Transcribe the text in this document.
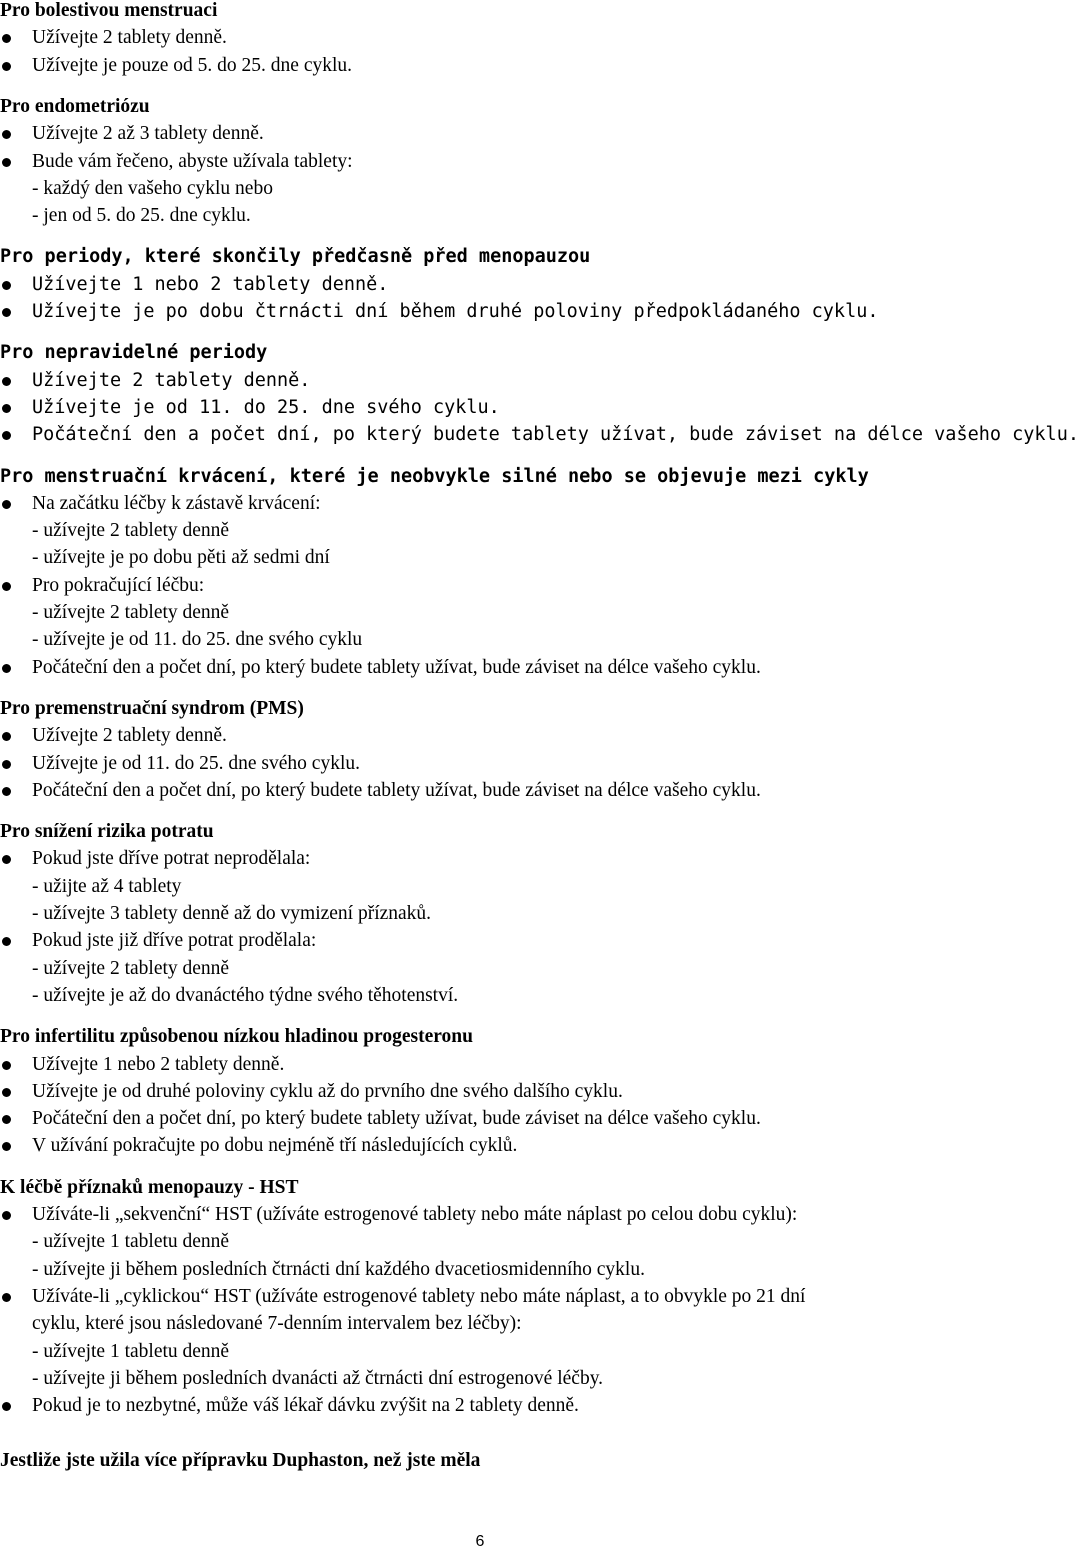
Pro bolestivou menstruaci
Užívejte 2 tablety denně.
Užívejte je pouze od 5. do 25. dne cyklu.
Pro endometriózu
Užívejte 2 až 3 tablety denně.
Bude vám řečeno, abyste užívala tablety:
- každý den vašeho cyklu nebo
- jen od 5. do 25. dne cyklu.
Pro periody, které skončily předčasně před menopauzou
Užívejte 1 nebo 2 tablety denně.
Užívejte je po dobu čtrnácti dní během druhé poloviny předpokládaného cyklu.
Pro nepravidelné periody
Užívejte 2 tablety denně.
Užívejte je od 11. do 25. dne svého cyklu.
Počáteční den a počet dní, po který budete tablety užívat, bude záviset na délce vašeho cyklu.
Pro menstruační krvácení, které je neobvykle silné nebo se objevuje mezi cykly
Na začátku léčby k zástavě krvácení:
- užívejte 2 tablety denně
- užívejte je po dobu pěti až sedmi dní
Pro pokračující léčbu:
- užívejte 2 tablety denně
- užívejte je od 11. do 25. dne svého cyklu
Počáteční den a počet dní, po který budete tablety užívat, bude záviset na délce vašeho cyklu.
Pro premenstruační syndrom (PMS)
Užívejte 2 tablety denně.
Užívejte je od 11. do 25. dne svého cyklu.
Počáteční den a počet dní, po který budete tablety užívat, bude záviset na délce vašeho cyklu.
Pro snížení rizika potratu
Pokud jste dříve potrat neprodělala:
- užijte až 4 tablety
- užívejte 3 tablety denně až do vymizení příznaků.
Pokud jste již dříve potrat prodělala:
- užívejte 2 tablety denně
- užívejte je až do dvanáctého týdne svého těhotenství.
Pro infertilitu způsobenou nízkou hladinou progesteronu
Užívejte 1 nebo 2 tablety denně.
Užívejte je od druhé poloviny cyklu až do prvního dne svého dalšího cyklu.
Počáteční den a počet dní, po který budete tablety užívat, bude záviset na délce vašeho cyklu.
V užívání pokračujte po dobu nejméně tří následujících cyklů.
K léčbě příznaků menopauzy - HST
Užíváte-li „sekvenční“ HST (užíváte estrogenové tablety nebo máte náplast po celou dobu cyklu):
- užívejte 1 tabletu denně
- užívejte ji během posledních čtrnácti dní každého dvacetiosmidenního cyklu.
Užíváte-li „cyklickou“ HST (užíváte estrogenové tablety nebo máte náplast, a to obvykle po 21 dní
cyklu, které jsou následované 7-denním intervalem bez léčby):
- užívejte 1 tabletu denně
- užívejte ji během posledních dvanácti až čtrnácti dní estrogenové léčby.
Pokud je to nezbytné, může váš lékař dávku zvýšit na 2 tablety denně.
Jestliže jste užila více přípravku Duphaston, než jste měla
6
